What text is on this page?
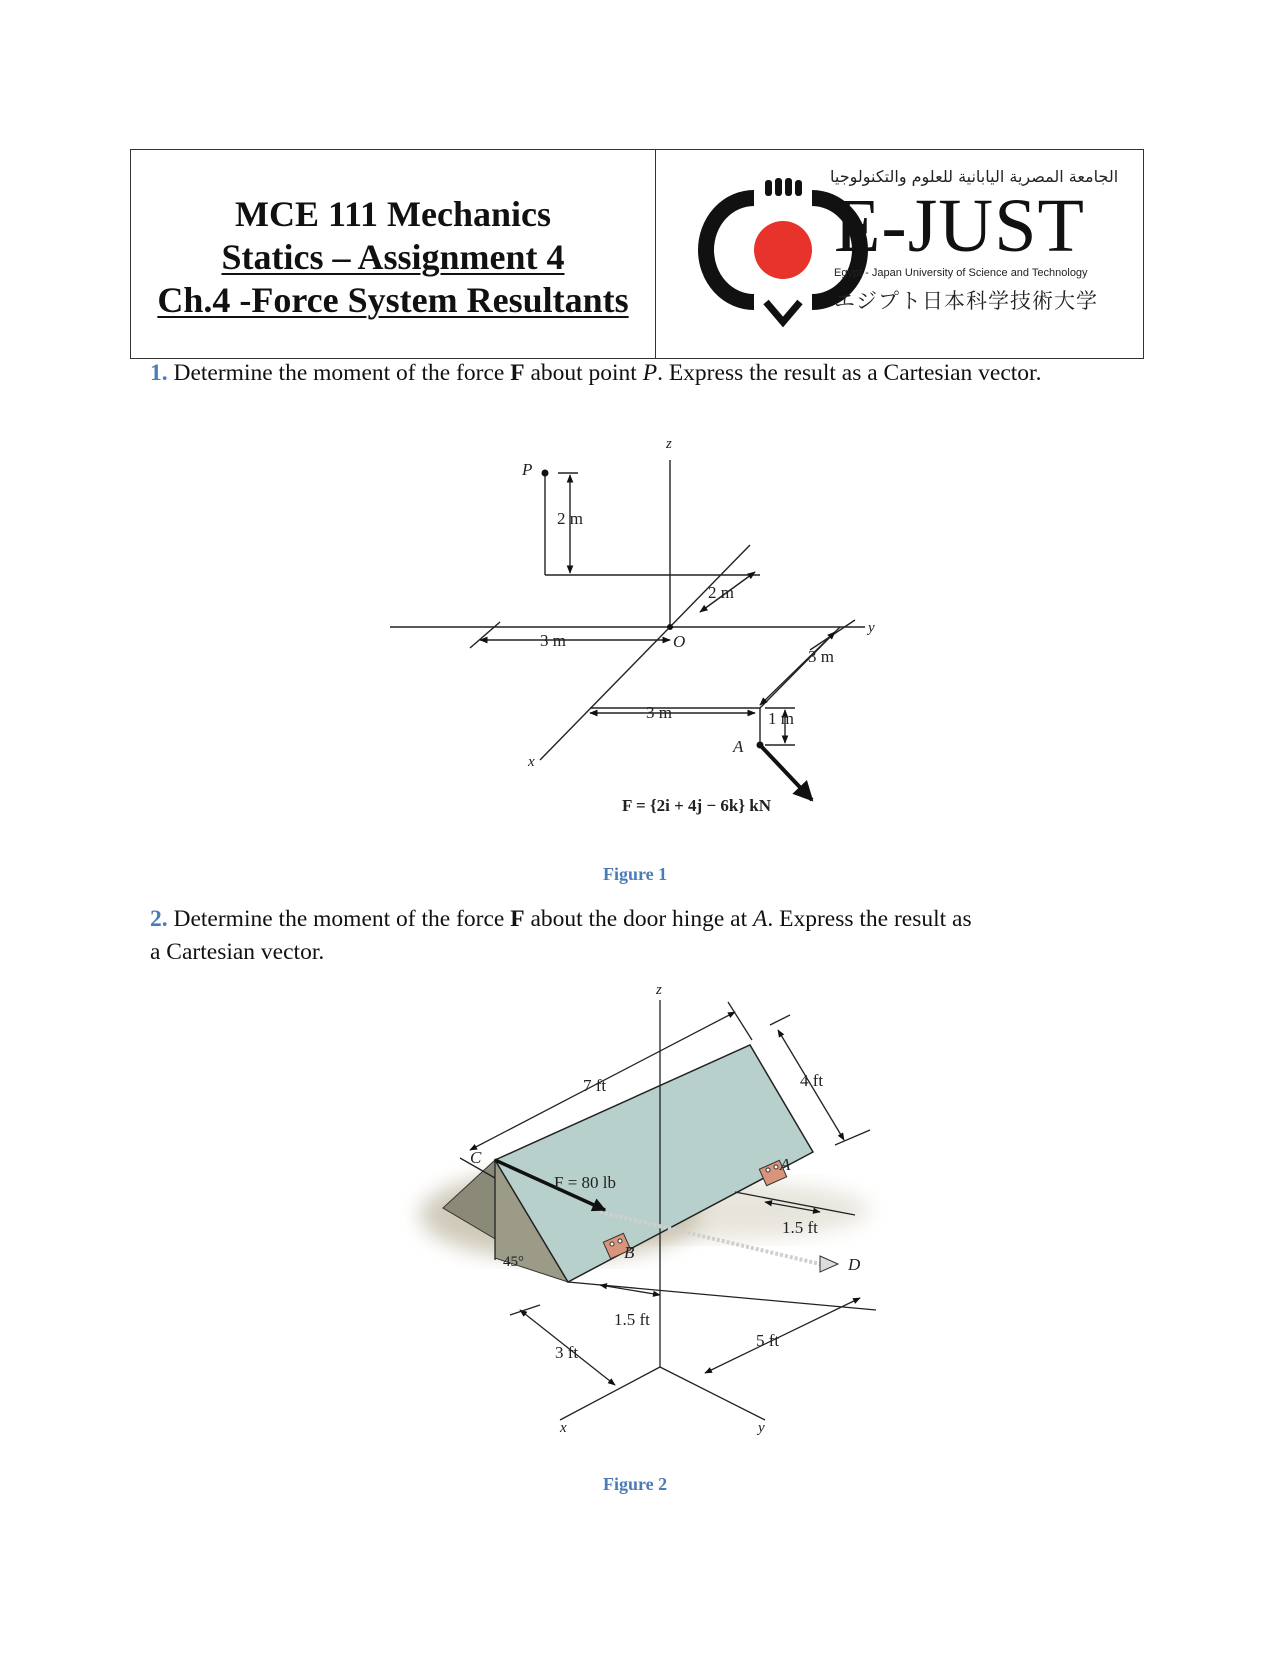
MCE 111 Mechanics
Statics – Assignment 4
Ch.4 -Force System Resultants
الجامعة المصرية اليابانية للعلوم والتكنولوجيا
E-JUST
Egypt - Japan University of Science and Technology
エジプト日本科学技術大学
1. Determine the moment of the force F about point P. Express the result as a Cartesian vector.
P
z
y
x
O
A
2 m
2 m
3 m
3 m
3 m
1 m
F = {2i + 4j − 6k} kN
Figure 1
2. Determine the moment of the force F about the door hinge at A. Express the result as
a Cartesian vector.
z
x	y
C	A
B
D
7 ft	4 ft
F = 80 lb
45°
1.5 ft
1.5 ft
3 ft
5 ft
Figure 2
